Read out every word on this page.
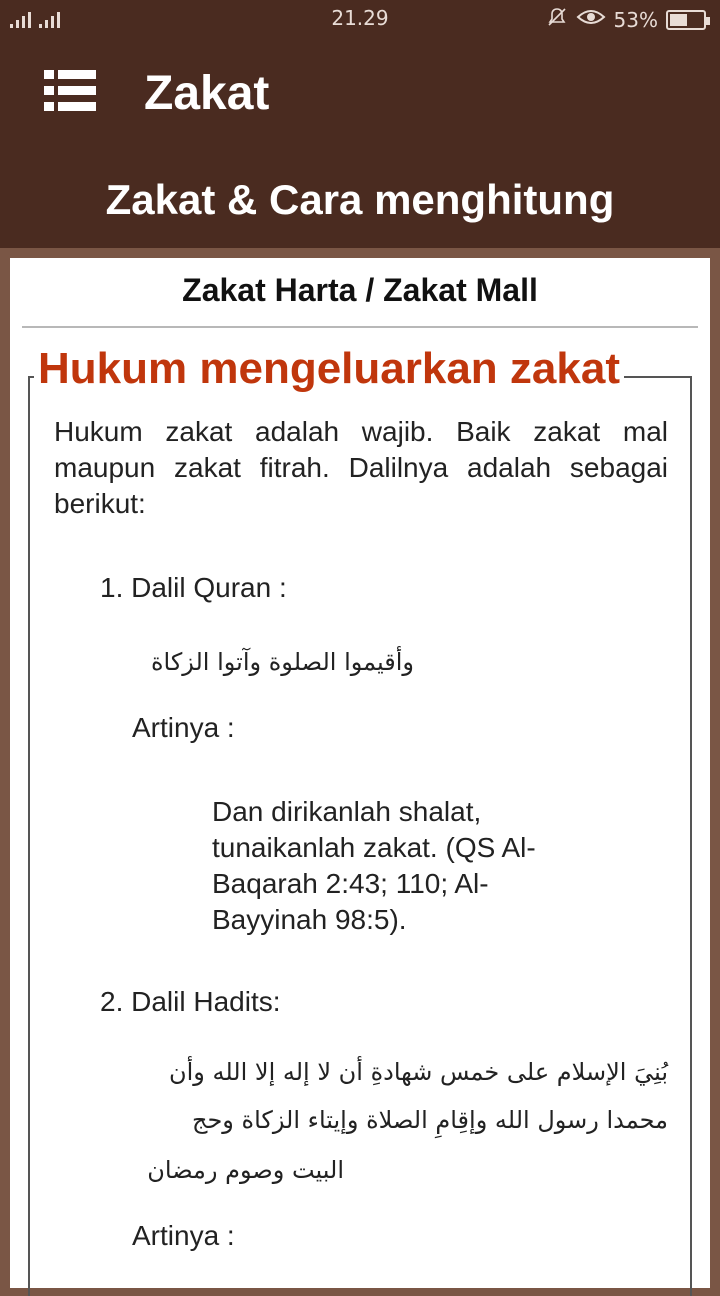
21.29	53%
Zakat
Zakat & Cara menghitung
Zakat Harta / Zakat Mall
Hukum mengeluarkan zakat
Hukum zakat adalah wajib. Baik zakat mal maupun zakat fitrah. Dalilnya adalah sebagai berikut:
1. Dalil Quran :
وأقيموا الصلوة وآتوا الزكاة
Artinya :
Dan dirikanlah shalat,
tunaikanlah zakat. (QS Al-
Baqarah 2:43; 110; Al-
Bayyinah 98:5).
2. Dalil Hadits:
بُنِيَ الإسلام على خمس شهادةِ أن لا إله إلا الله وأن
محمدا رسول الله وإقِامِ الصلاة وإيتاء الزكاة وحج
البيت وصوم رمضان
Artinya :
